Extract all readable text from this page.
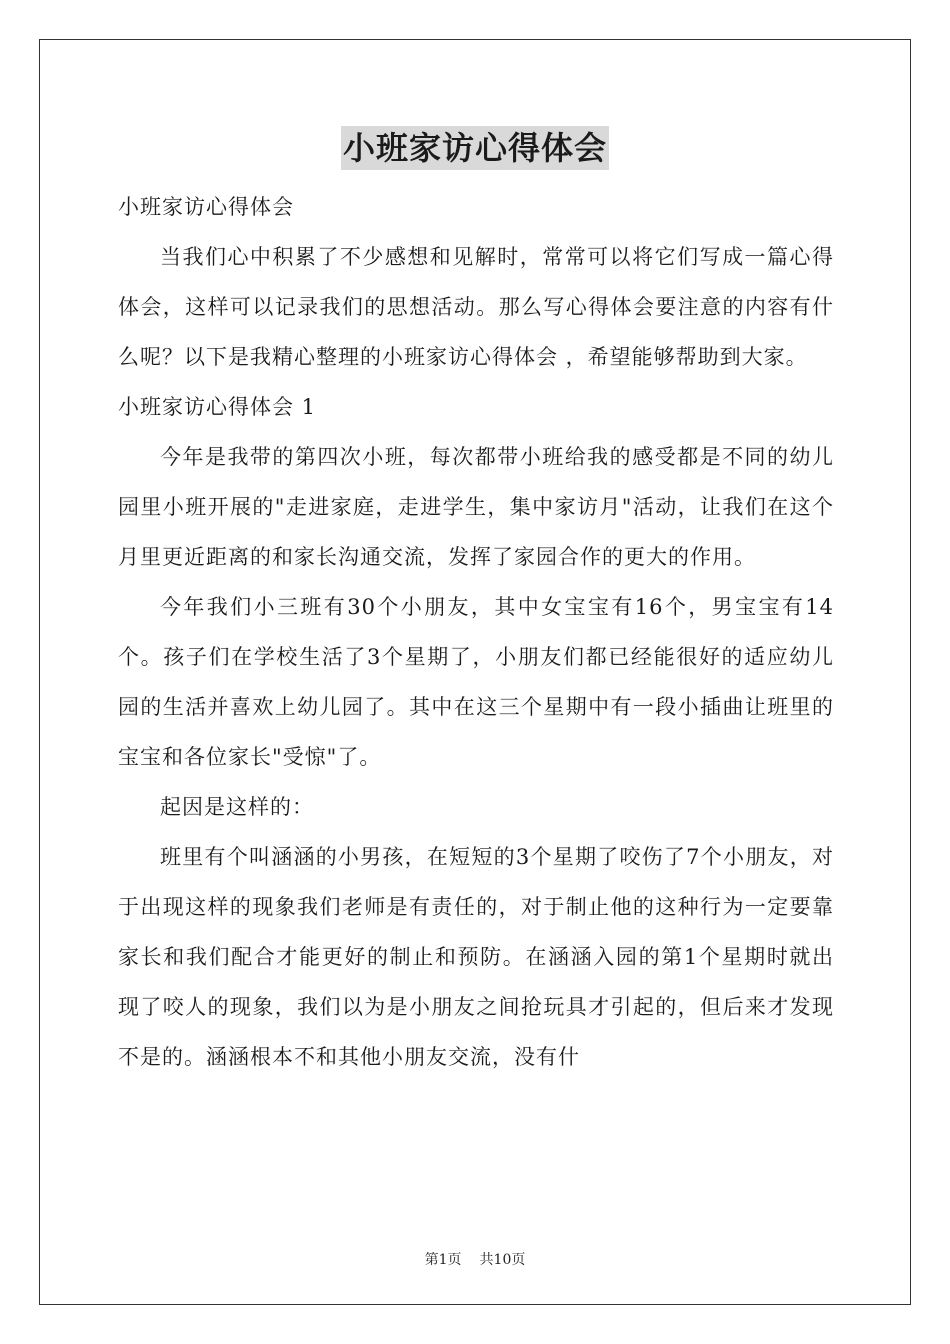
小班家访心得体会

小班家访心得体会

当我们心中积累了不少感想和见解时，常常可以将它们写成一篇心得体会，这样可以记录我们的思想活动。那么写心得体会要注意的内容有什么呢？以下是我精心整理的小班家访心得体会 ，希望能够帮助到大家。

小班家访心得体会 1

今年是我带的第四次小班，每次都带小班给我的感受都是不同的幼儿园里小班开展的"走进家庭，走进学生，集中家访月"活动，让我们在这个月里更近距离的和家长沟通交流，发挥了家园合作的更大的作用。

今年我们小三班有30个小朋友，其中女宝宝有16个，男宝宝有14个。孩子们在学校生活了3个星期了，小朋友们都已经能很好的适应幼儿园的生活并喜欢上幼儿园了。其中在这三个星期中有一段小插曲让班里的宝宝和各位家长"受惊"了。

起因是这样的：

班里有个叫涵涵的小男孩，在短短的3个星期了咬伤了7个小朋友，对于出现这样的现象我们老师是有责任的，对于制止他的这种行为一定要靠家长和我们配合才能更好的制止和预防。在涵涵入园的第1个星期时就出现了咬人的现象，我们以为是小朋友之间抢玩具才引起的，但后来才发现不是的。涵涵根本不和其他小朋友交流，没有什

第1页 共10页
